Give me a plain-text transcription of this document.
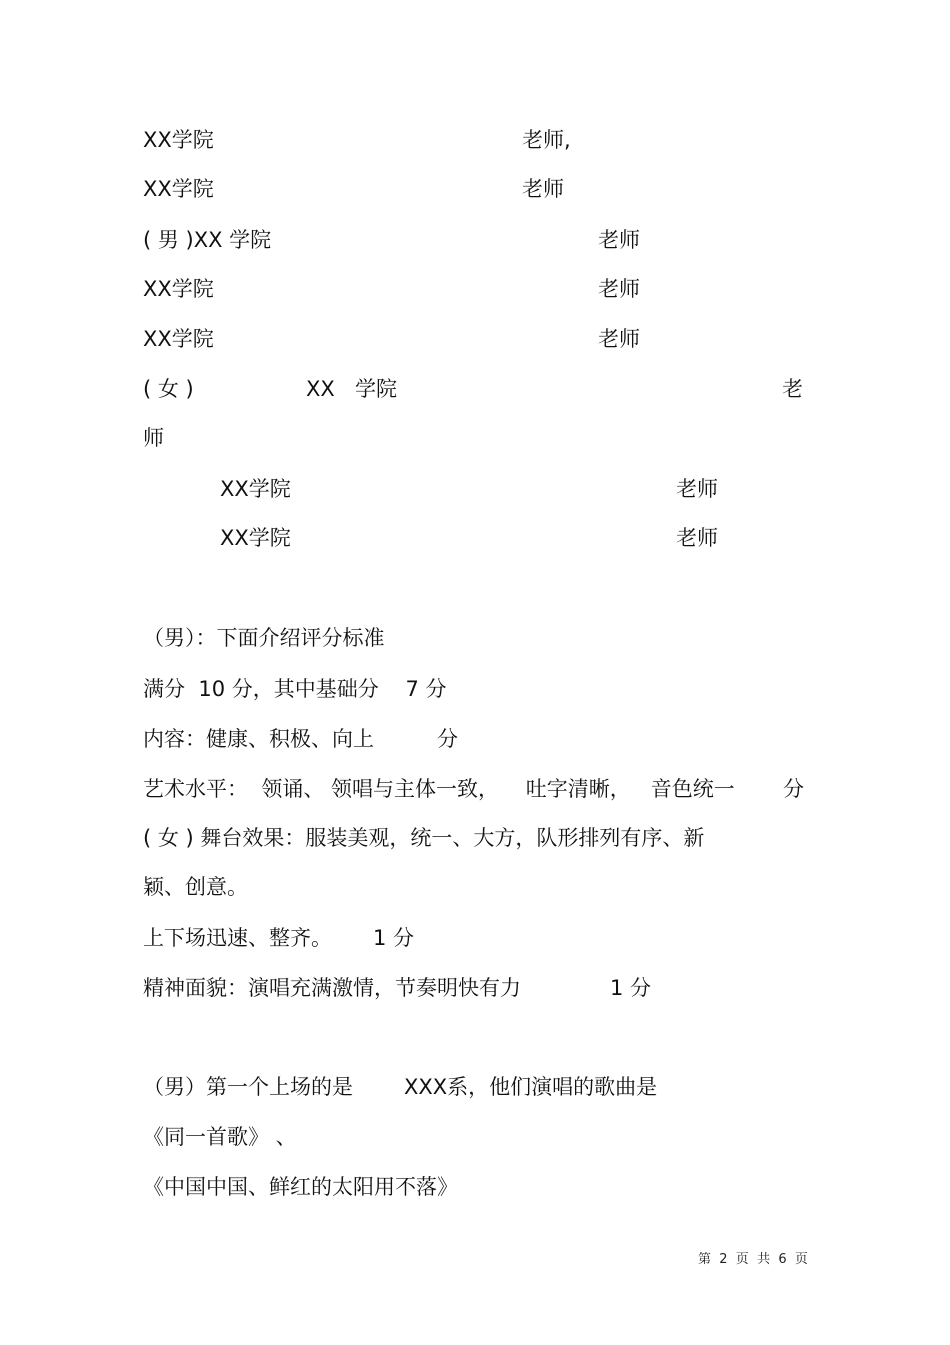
XX学院	老师,
XX学院	老师
( 男 )XX 学院	老师
XX学院	老师
XX学院	老师
( 女 )	XX 学院	老
师
XX学院	老师
XX学院	老师
（男）：下面介绍评分标准
满分  10 分，其中基础分    7 分
内容：健康、积极、向上	分
艺术水平：  领诵、 领唱与主体一致，    吐字清晰，   音色统一 分
( 女 ) 舞台效果：服装美观，统一、大方，队形排列有序、新
颖、创意。
上下场迅速、整齐。 1 分
精神面貌：演唱充满激情，节奏明快有力	1 分
（男）第一个上场的是 XXX系，他们演唱的歌曲是
《同一首歌》 、
《中国中国、鲜红的太阳用不落》
第  2  页  共  6  页
